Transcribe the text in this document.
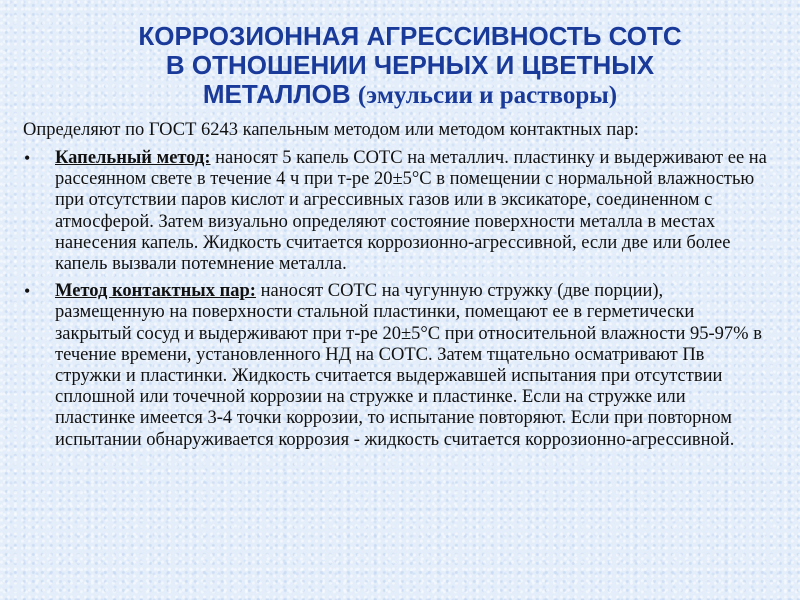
КОРРОЗИОННАЯ АГРЕССИВНОСТЬ СОТС
В ОТНОШЕНИИ ЧЕРНЫХ И ЦВЕТНЫХ
МЕТАЛЛОВ (эмульсии и растворы)

Определяют по ГОСТ 6243 капельным методом или методом контактных пар:

• Капельный метод: наносят 5 капель СОТС на металлич. пластинку и выдерживают ее на рассеянном свете в течение 4 ч при т-ре 20±5°С в помещении с нормальной влажностью при отсутствии паров кислот и агрессивных газов или в эксикаторе, соединенном с атмосферой. Затем визуально определяют состояние поверхности металла в местах нанесения капель. Жидкость считается коррозионно-агрессивной, если две или более капель вызвали потемнение металла.
• Метод контактных пар: наносят СОТС на чугунную стружку (две порции), размещенную на поверхности стальной пластинки, помещают ее в герметически закрытый сосуд и выдерживают при т-ре 20±5°С при относительной влажности 95-97% в течение времени, установленного НД на СОТС. Затем тщательно осматривают Пв стружки и пластинки. Жидкость считается выдержавшей испытания при отсутствии сплошной или точечной коррозии на стружке и пластинке. Если на стружке или пластинке имеется 3-4 точки коррозии, то испытание повторяют. Если при повторном испытании обнаруживается коррозия - жидкость считается коррозионно-агрессивной.
